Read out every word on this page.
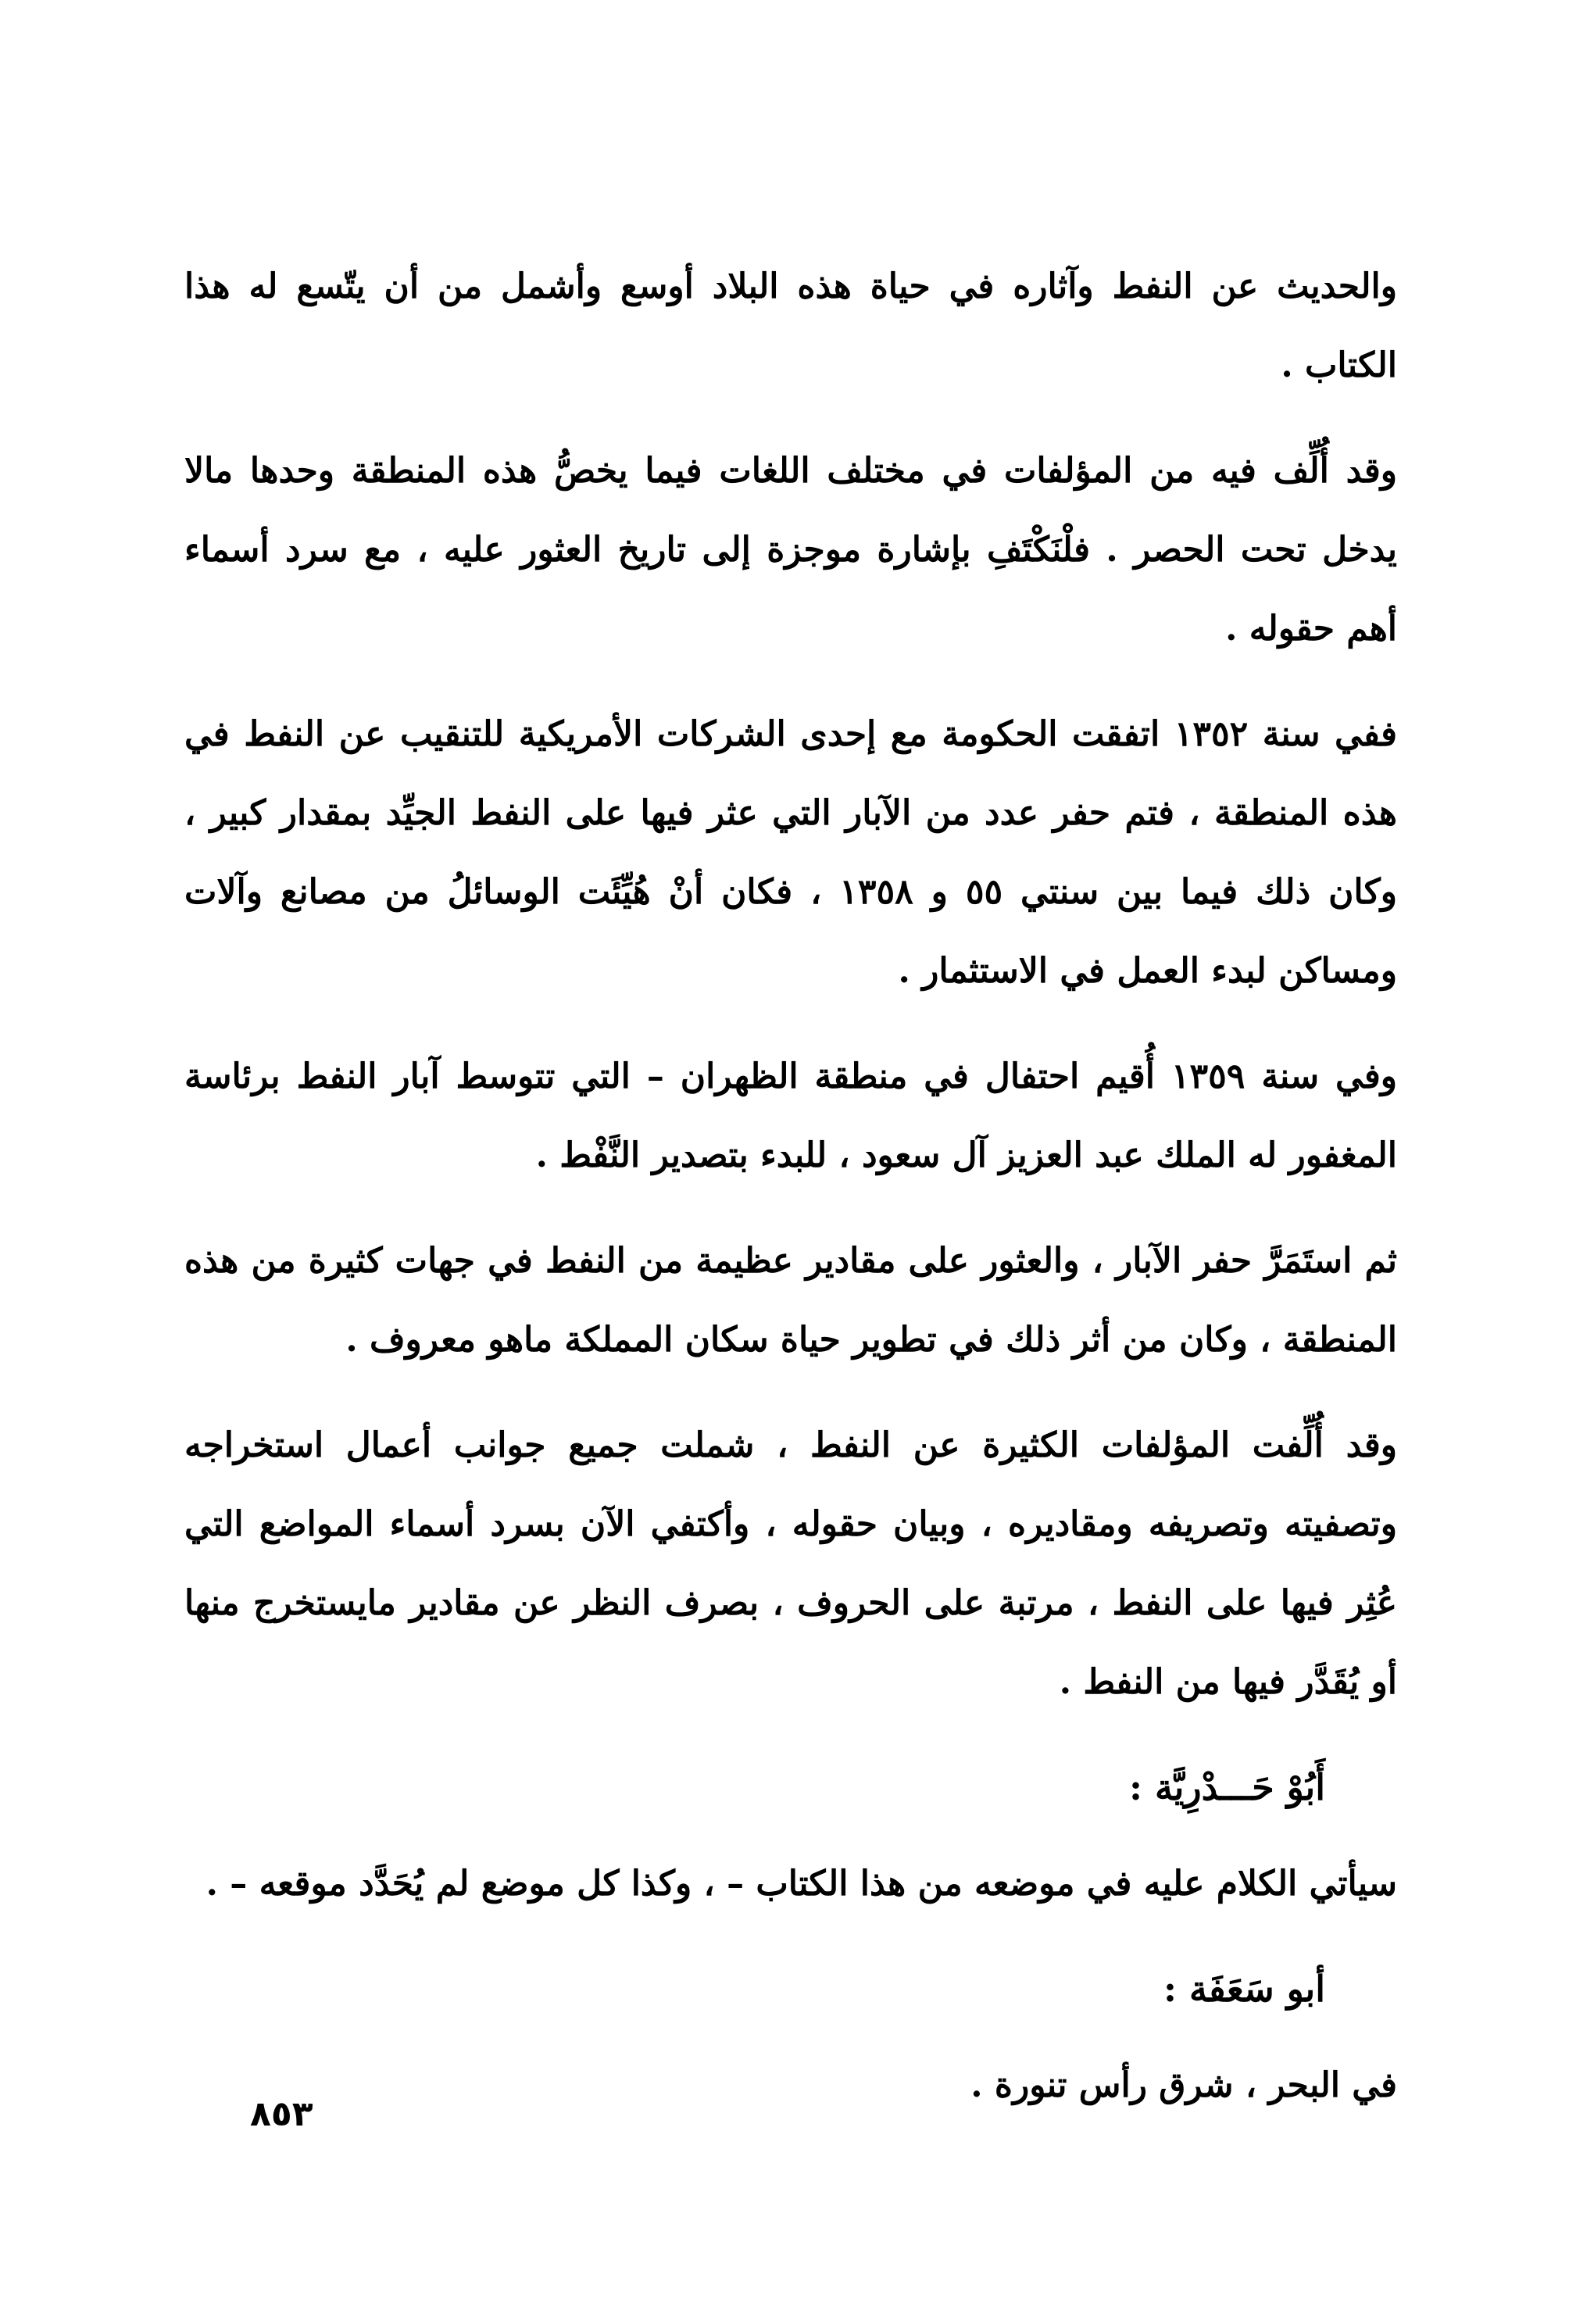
والحديث عن النفط وآثاره في حياة هذه البلاد أوسع وأشمل من أن يتّسع له هذا الكتاب .

وقد أُلِّف فيه من المؤلفات في مختلف اللغات فيما يخصُّ هذه المنطقة وحدها مالا يدخل تحت الحصر . فلْنَكْتَفِ بإشارة موجزة إلى تاريخ العثور عليه ، مع سرد أسماء أهم حقوله .

ففي سنة ١٣٥٢ اتفقت الحكومة مع إحدى الشركات الأمريكية للتنقيب عن النفط في هذه المنطقة ، فتم حفر عدد من الآبار التي عثر فيها على النفط الجيِّد بمقدار كبير ، وكان ذلك فيما بين سنتي ٥٥ و ١٣٥٨ ، فكان أنْ هُيِّئَت الوسائلُ من مصانع وآلات ومساكن لبدء العمل في الاستثمار .

وفي سنة ١٣٥٩ أُقيم احتفال في منطقة الظهران – التي تتوسط آبار النفط برئاسة المغفور له الملك عبد العزيز آل سعود ، للبدء بتصدير النَّفْط .

ثم استَمَرَّ حفر الآبار ، والعثور على مقادير عظيمة من النفط في جهات كثيرة من هذه المنطقة ، وكان من أثر ذلك في تطوير حياة سكان المملكة ماهو معروف .

وقد أُلِّفت المؤلفات الكثيرة عن النفط ، شملت جميع جوانب أعمال استخراجه وتصفيته وتصريفه ومقاديره ، وبيان حقوله ، وأكتفي الآن بسرد أسماء المواضع التي عُثِر فيها على النفط ، مرتبة على الحروف ، بصرف النظر عن مقادير مايستخرج منها أو يُقَدَّر فيها من النفط .

أَبُوْ حَـــدْرِيَّة :

سيأتي الكلام عليه في موضعه من هذا الكتاب – ، وكذا كل موضع لم يُحَدَّد موقعه – .

أبو سَعَفَة :

في البحر ، شرق رأس تنورة .

٨٥٣
